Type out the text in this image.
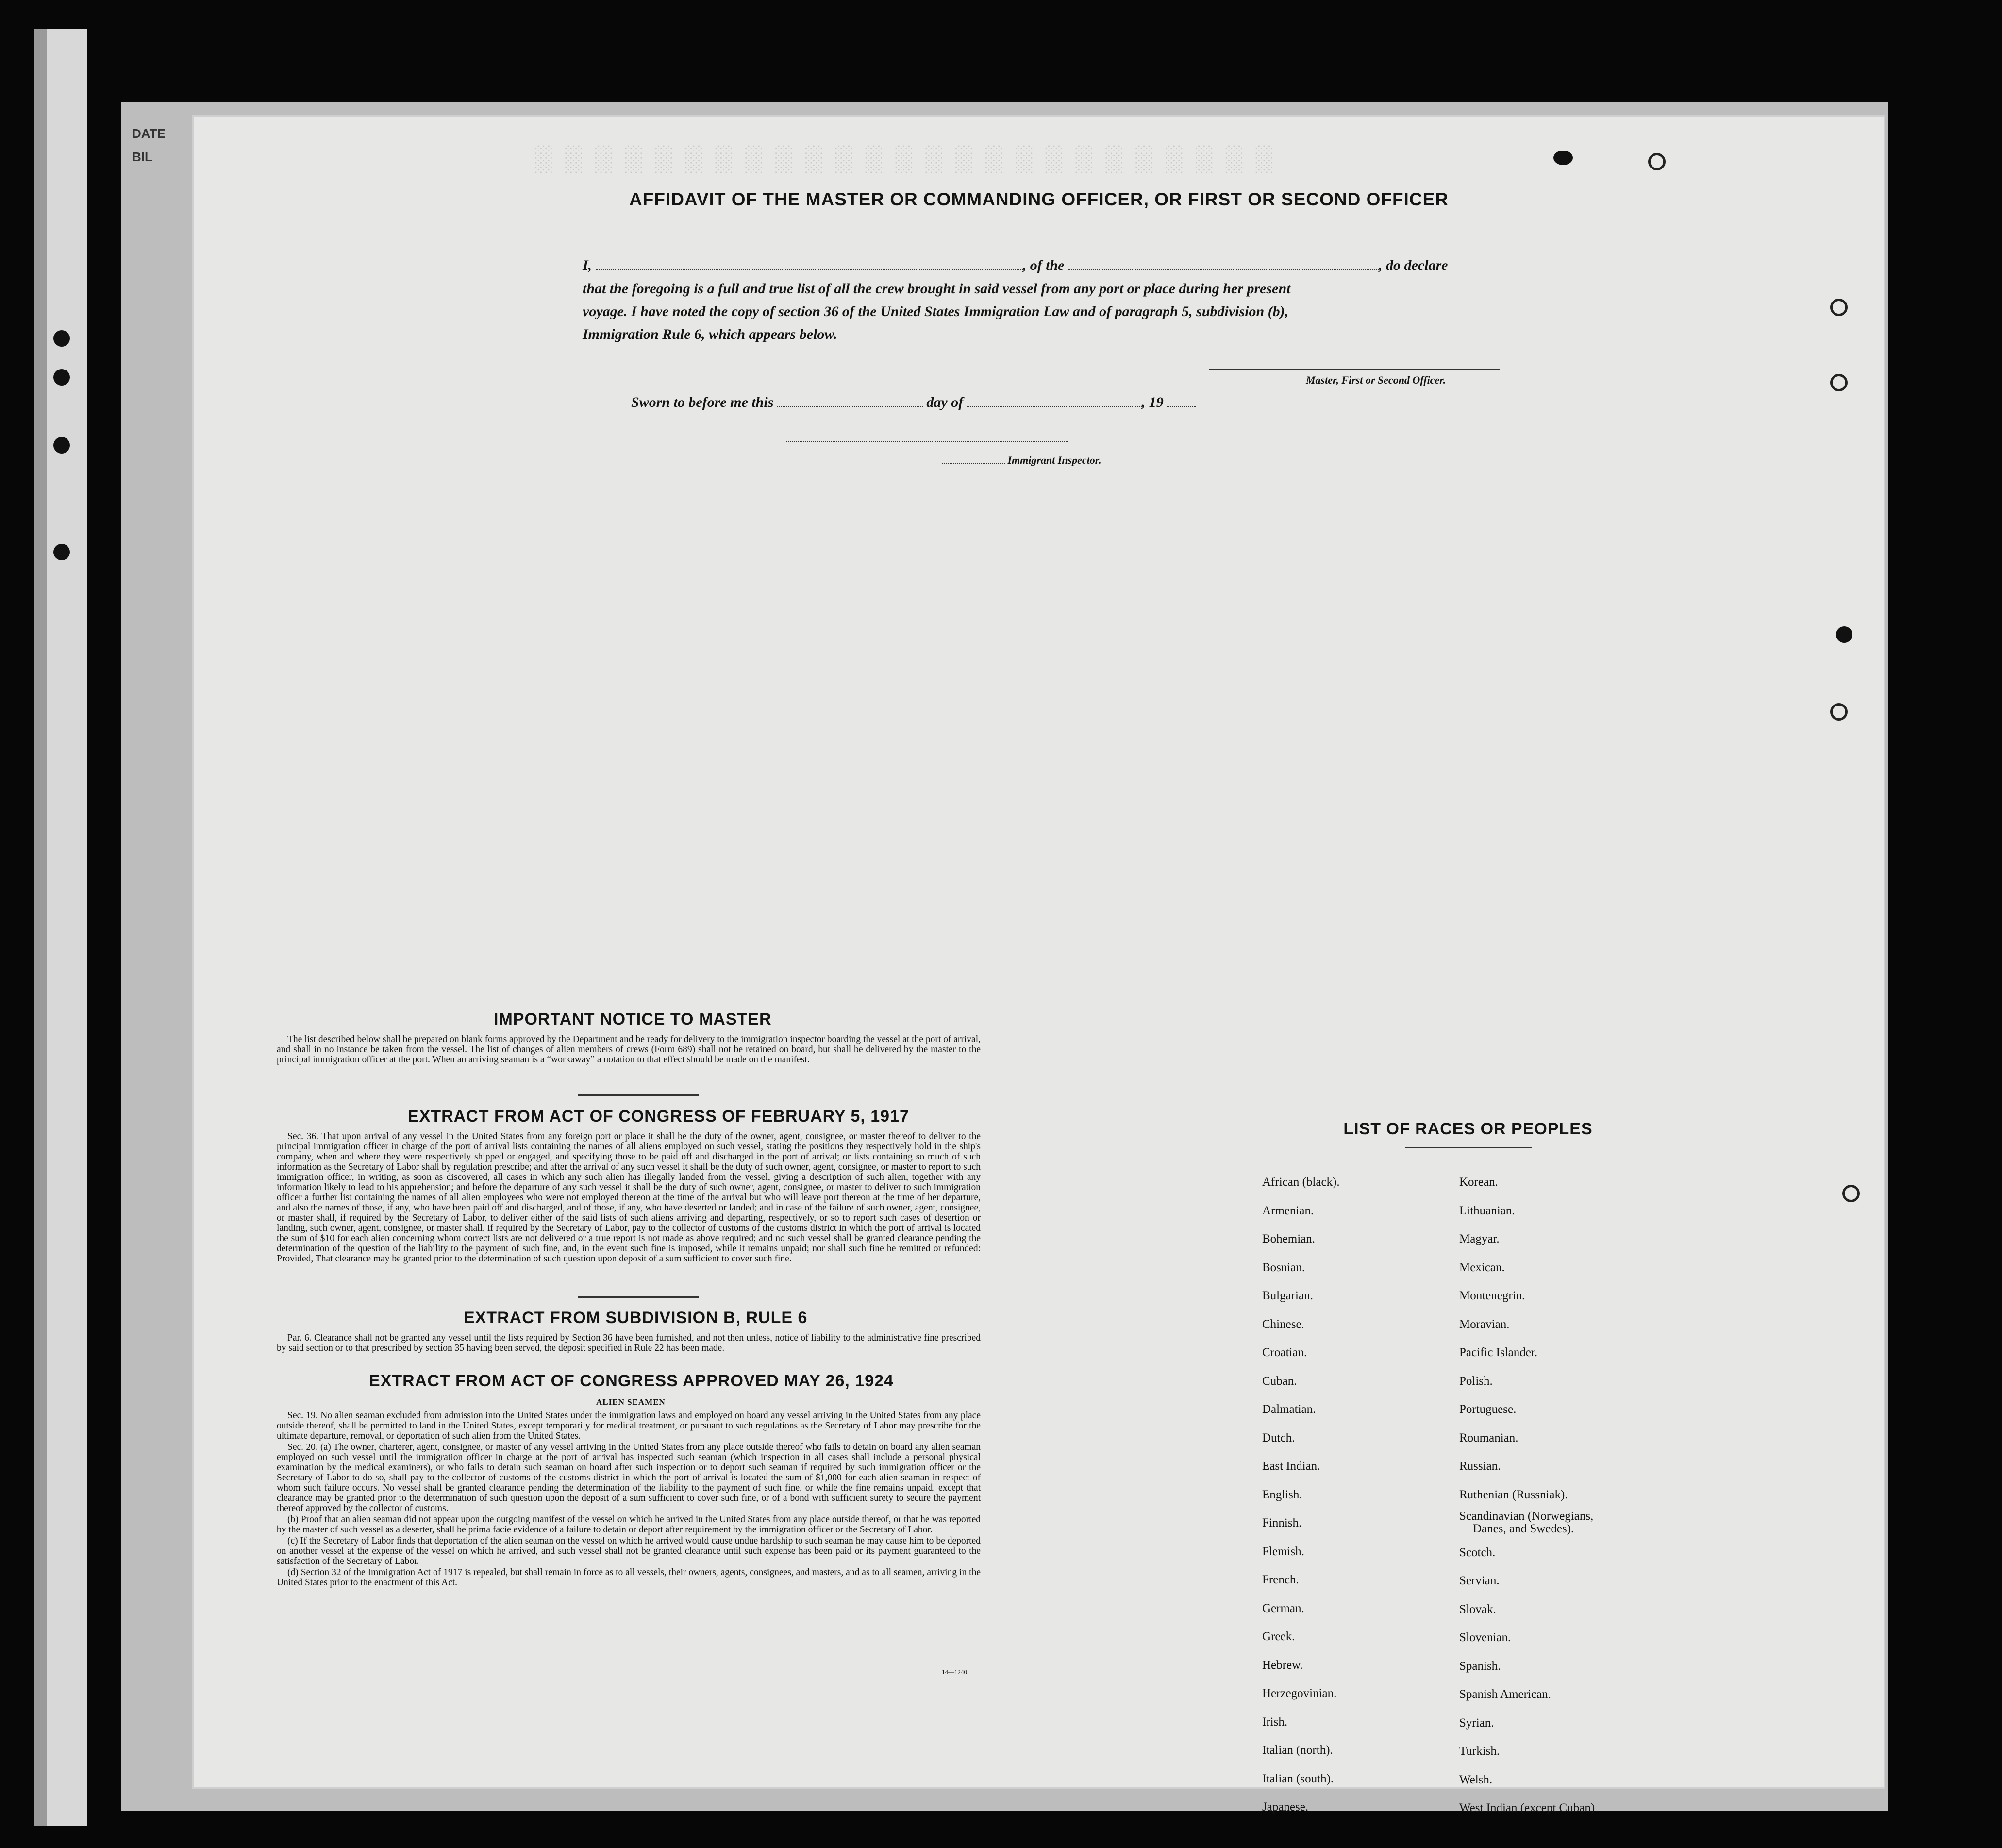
DATE
BIL
AFFIDAVIT OF THE MASTER OR COMMANDING OFFICER, OR FIRST OR SECOND OFFICER
I,	, of the	, do declare
that the foregoing is a full and true list of all the crew brought in said vessel from any port or place during her present
voyage. I have noted the copy of section 36 of the United States Immigration Law and of paragraph 5, subdivision (b),
Immigration Rule 6, which appears below.
Master, First or Second Officer.
Sworn to before me this	day of	, 19
Immigrant Inspector.
IMPORTANT NOTICE TO MASTER

The list described below shall be prepared on blank forms approved by the Department and be ready for delivery to the immigration inspector boarding the vessel at the port of arrival, and shall in no instance be taken from the vessel. The list of changes of alien members of crews (Form 689) shall not be retained on board, but shall be delivered by the master to the principal immigration officer at the port. When an arriving seaman is a “workaway” a notation to that effect should be made on the manifest.

EXTRACT FROM ACT OF CONGRESS OF FEBRUARY 5, 1917

Sec. 36. That upon arrival of any vessel in the United States from any foreign port or place it shall be the duty of the owner, agent, consignee, or master thereof to deliver to the principal immigration officer in charge of the port of arrival lists containing the names of all aliens employed on such vessel, stating the positions they respectively hold in the ship's company, when and where they were respectively shipped or engaged, and specifying those to be paid off and discharged in the port of arrival; or lists containing so much of such information as the Secretary of Labor shall by regulation prescribe; and after the arrival of any such vessel it shall be the duty of such owner, agent, consignee, or master to report to such immigration officer, in writing, as soon as discovered, all cases in which any such alien has illegally landed from the vessel, giving a description of such alien, together with any information likely to lead to his apprehension; and before the departure of any such vessel it shall be the duty of such owner, agent, consignee, or master to deliver to such immigration officer a further list containing the names of all alien employees who were not employed thereon at the time of the arrival but who will leave port thereon at the time of her departure, and also the names of those, if any, who have been paid off and discharged, and of those, if any, who have deserted or landed; and in case of the failure of such owner, agent, consignee, or master shall, if required by the Secretary of Labor, to deliver either of the said lists of such aliens arriving and departing, respectively, or so to report such cases of desertion or landing, such owner, agent, consignee, or master shall, if required by the Secretary of Labor, pay to the collector of customs of the customs district in which the port of arrival is located the sum of $10 for each alien concerning whom correct lists are not delivered or a true report is not made as above required; and no such vessel shall be granted clearance pending the determination of the question of the liability to the payment of such fine, and, in the event such fine is imposed, while it remains unpaid; nor shall such fine be remitted or refunded: Provided, That clearance may be granted prior to the determination of such question upon deposit of a sum sufficient to cover such fine.

EXTRACT FROM SUBDIVISION B, RULE 6

Par. 6. Clearance shall not be granted any vessel until the lists required by Section 36 have been furnished, and not then unless, notice of liability to the administrative fine prescribed by said section or to that prescribed by section 35 having been served, the deposit specified in Rule 22 has been made.

EXTRACT FROM ACT OF CONGRESS APPROVED MAY 26, 1924
ALIEN SEAMEN

Sec. 19. No alien seaman excluded from admission into the United States under the immigration laws and employed on board any vessel arriving in the United States from any place outside thereof, shall be permitted to land in the United States, except temporarily for medical treatment, or pursuant to such regulations as the Secretary of Labor may prescribe for the ultimate departure, removal, or deportation of such alien from the United States.

Sec. 20. (a) The owner, charterer, agent, consignee, or master of any vessel arriving in the United States from any place outside thereof who fails to detain on board any alien seaman employed on such vessel until the immigration officer in charge at the port of arrival has inspected such seaman (which inspection in all cases shall include a personal physical examination by the medical examiners), or who fails to detain such seaman on board after such inspection or to deport such seaman if required by such immigration officer or the Secretary of Labor to do so, shall pay to the collector of customs of the customs district in which the port of arrival is located the sum of $1,000 for each alien seaman in respect of whom such failure occurs. No vessel shall be granted clearance pending the determination of the liability to the payment of such fine, or while the fine remains unpaid, except that clearance may be granted prior to the determination of such question upon the deposit of a sum sufficient to cover such fine, or of a bond with sufficient surety to secure the payment thereof approved by the collector of customs.

(b) Proof that an alien seaman did not appear upon the outgoing manifest of the vessel on which he arrived in the United States from any place outside thereof, or that he was reported by the master of such vessel as a deserter, shall be prima facie evidence of a failure to detain or deport after requirement by the immigration officer or the Secretary of Labor.

(c) If the Secretary of Labor finds that deportation of the alien seaman on the vessel on which he arrived would cause undue hardship to such seaman he may cause him to be deported on another vessel at the expense of the vessel on which he arrived, and such vessel shall not be granted clearance until such expense has been paid or its payment guaranteed to the satisfaction of the Secretary of Labor.

(d) Section 32 of the Immigration Act of 1917 is repealed, but shall remain in force as to all vessels, their owners, agents, consignees, and masters, and as to all seamen, arriving in the United States prior to the enactment of this Act.

14—1240
LIST OF RACES OR PEOPLES
African (black).
Armenian.
Bohemian.
Bosnian.
Bulgarian.
Chinese.
Croatian.
Cuban.
Dalmatian.
Dutch.
East Indian.
English.
Finnish.
Flemish.
French.
German.
Greek.
Hebrew.
Herzegovinian.
Irish.
Italian (north).
Italian (south).
Japanese.
Korean.
Lithuanian.
Magyar.
Mexican.
Montenegrin.
Moravian.
Pacific Islander.
Polish.
Portuguese.
Roumanian.
Russian.
Ruthenian (Russniak).
Scandinavian (Norwegians,
Danes, and Swedes).
Scotch.
Servian.
Slovak.
Slovenian.
Spanish.
Spanish American.
Syrian.
Turkish.
Welsh.
West Indian (except Cuban)
░ ░ ░ ░ ░ ░ ░ ░ ░ ░ ░ ░ ░ ░ ░ ░ ░ ░ ░ ░ ░ ░ ░ ░ ░
